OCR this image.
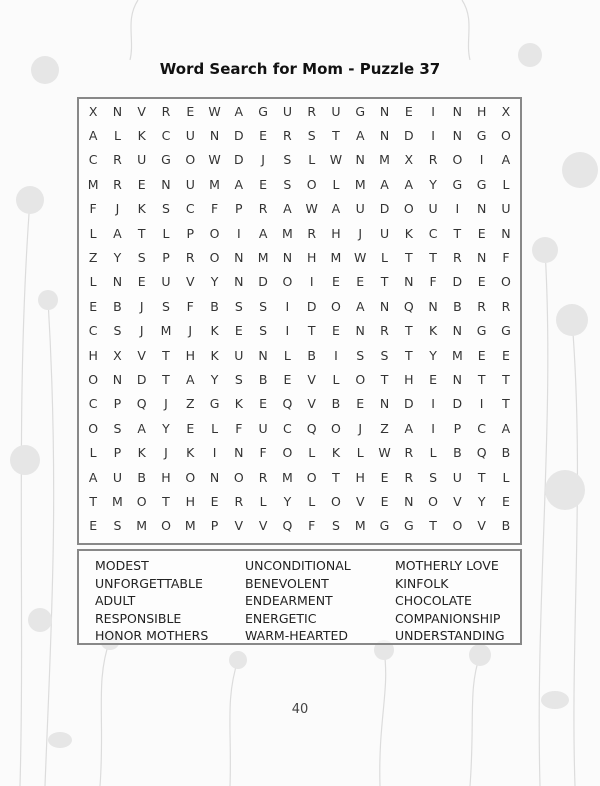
Word Search for Mom - Puzzle 37
X	N	V	R	E	W	A	G	U	R	U	G	N	E	I	N	H	X
A	L	K	C	U	N	D	E	R	S	T	A	N	D	I	N	G	O
C	R	U	G	O	W	D	J	S	L	W	N	M	X	R	O	I	A
M	R	E	N	U	M	A	E	S	O	L	M	A	A	Y	G	G	L
F	J	K	S	C	F	P	R	A	W	A	U	D	O	U	I	N	U
L	A	T	L	P	O	I	A	M	R	H	J	U	K	C	T	E	N
Z	Y	S	P	R	O	N	M	N	H	M	W	L	T	T	R	N	F
L	N	E	U	V	Y	N	D	O	I	E	E	T	N	F	D	E	O
E	B	J	S	F	B	S	S	I	D	O	A	N	Q	N	B	R	R
C	S	J	M	J	K	E	S	I	T	E	N	R	T	K	N	G	G
H	X	V	T	H	K	U	N	L	B	I	S	S	T	Y	M	E	E
O	N	D	T	A	Y	S	B	E	V	L	O	T	H	E	N	T	T
C	P	Q	J	Z	G	K	E	Q	V	B	E	N	D	I	D	I	T
O	S	A	Y	E	L	F	U	C	Q	O	J	Z	A	I	P	C	A
L	P	K	J	K	I	N	F	O	L	K	L	W	R	L	B	Q	B
A	U	B	H	O	N	O	R	M	O	T	H	E	R	S	U	T	L
T	M	O	T	H	E	R	L	Y	L	O	V	E	N	O	V	Y	E
E	S	M	O	M	P	V	V	Q	F	S	M	G	G	T	O	V	B
MODEST	UNCONDITIONAL	MOTHERLY LOVE
UNFORGETTABLE	BENEVOLENT	KINFOLK
ADULT	ENDEARMENT	CHOCOLATE
RESPONSIBLE	ENERGETIC	COMPANIONSHIP
HONOR MOTHERS	WARM-HEARTED	UNDERSTANDING
40
